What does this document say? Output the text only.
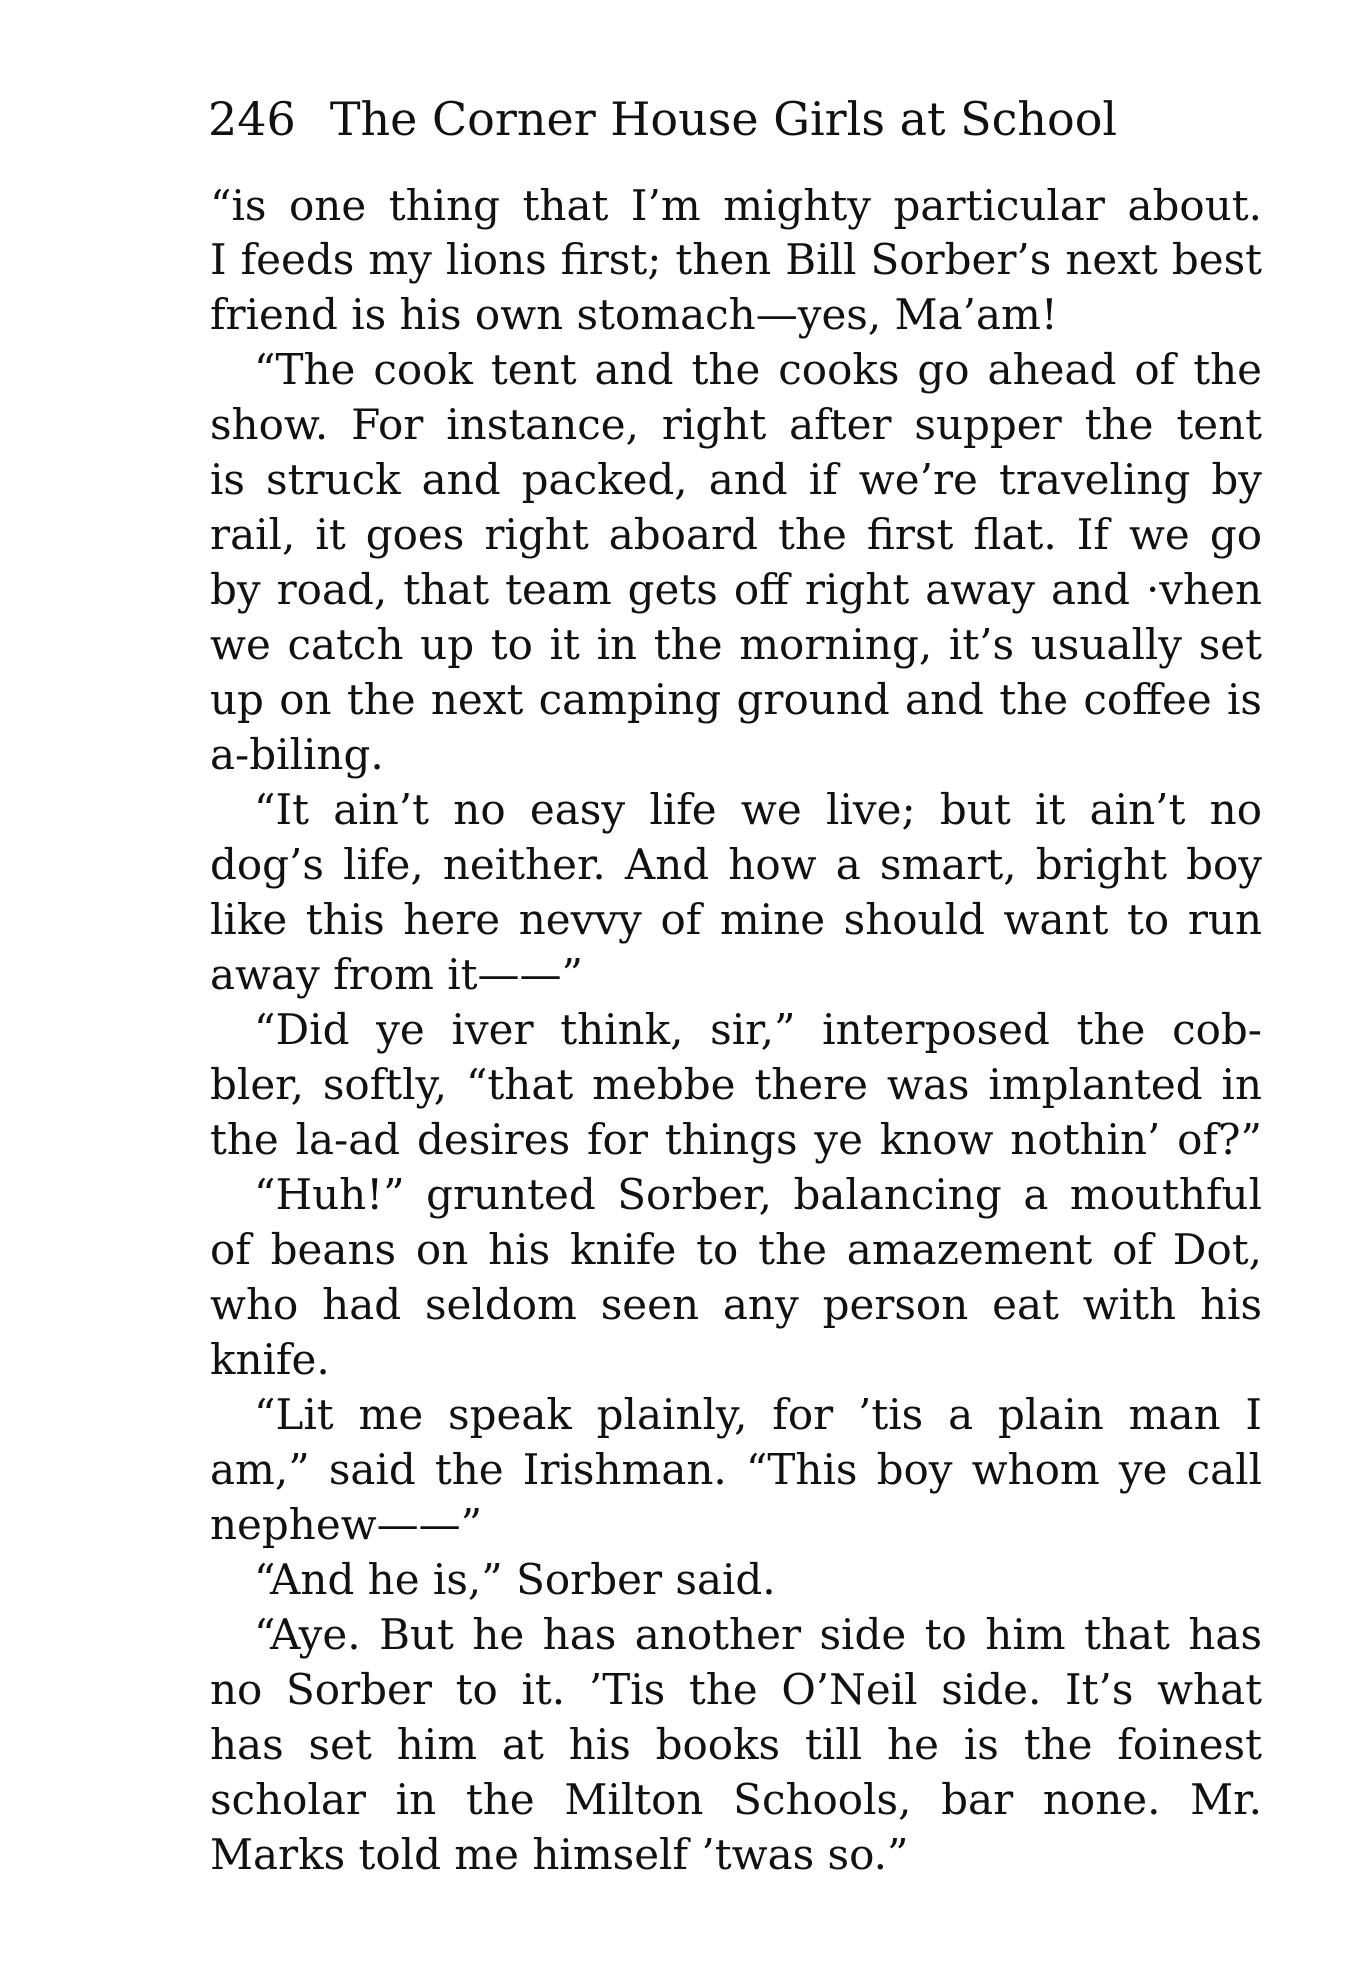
246 The Corner House Girls at School
“is one thing that I’m mighty particular about.
I feeds my lions first; then Bill Sorber’s next best
friend is his own stomach—yes, Ma’am!
“The cook tent and the cooks go ahead of the
show. For instance, right after supper the tent
is struck and packed, and if we’re traveling by
rail, it goes right aboard the first flat. If we go
by road, that team gets off right away and ·vhen
we catch up to it in the morning, it’s usually set
up on the next camping ground and the coffee is
a-biling.
“It ain’t no easy life we live; but it ain’t no
dog’s life, neither. And how a smart, bright boy
like this here nevvy of mine should want to run
away from it——”
“Did ye iver think, sir,” interposed the cob-
bler, softly, “that mebbe there was implanted in
the la-ad desires for things ye know nothin’ of?”
“Huh!” grunted Sorber, balancing a mouthful
of beans on his knife to the amazement of Dot,
who had seldom seen any person eat with his
knife.
“Lit me speak plainly, for ’tis a plain man I
am,” said the Irishman. “This boy whom ye call
nephew——”
“And he is,” Sorber said.
“Aye. But he has another side to him that has
no Sorber to it. ’Tis the O’Neil side. It’s what
has set him at his books till he is the foinest
scholar in the Milton Schools, bar none. Mr.
Marks told me himself ’twas so.”
